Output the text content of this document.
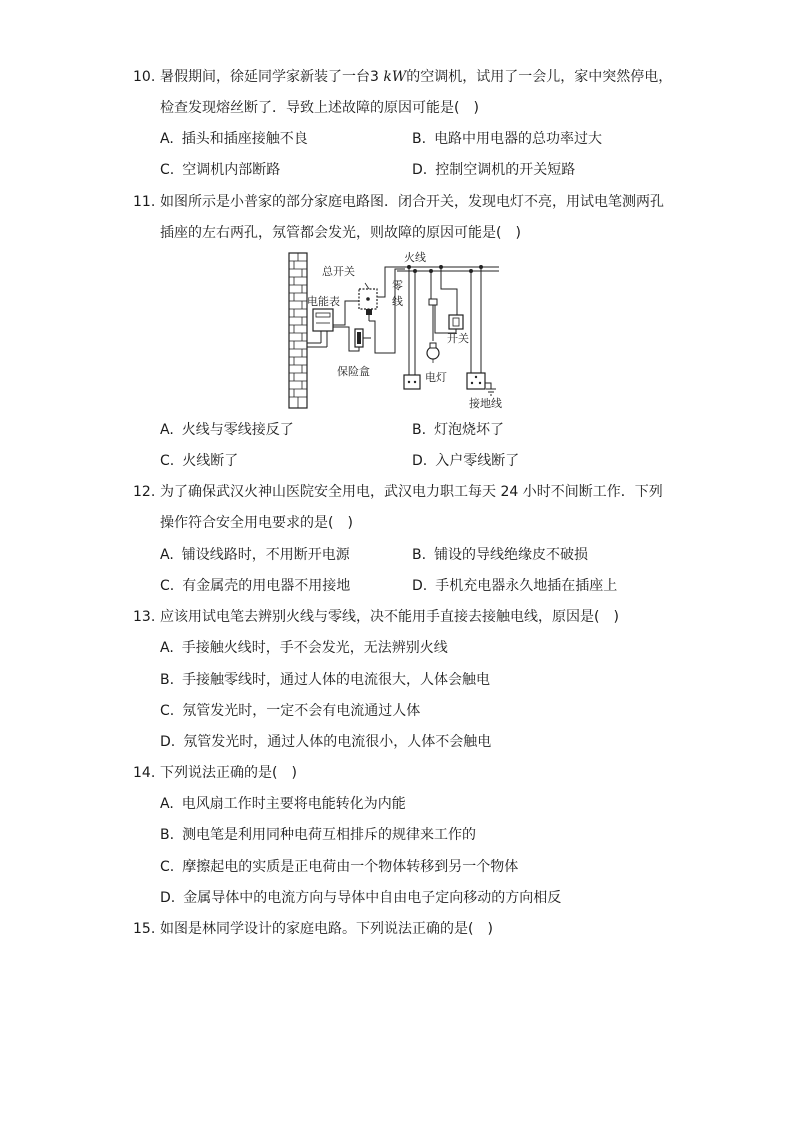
10. 暑假期间，徐延同学家新装了一台3 kW的空调机，试用了一会儿，家中突然停电，
检查发现熔丝断了．导致上述故障的原因可能是(　)
A. 插头和插座接触不良	B. 电路中用电器的总功率过大
C. 空调机内部断路	D. 控制空调机的开关短路
11. 如图所示是小普家的部分家庭电路图．闭合开关，发现电灯不亮，用试电笔测两孔
插座的左右两孔，氖管都会发光，则故障的原因可能是(　)
电能表
总开关
保险盒
火线
零
线
开关
电灯
接地线
A. 火线与零线接反了	B. 灯泡烧坏了
C. 火线断了	D. 入户零线断了
12. 为了确保武汉火神山医院安全用电，武汉电力职工每天 24 小时不间断工作．下列
操作符合安全用电要求的是(　)
A. 铺设线路时，不用断开电源	B. 铺设的导线绝缘皮不破损
C. 有金属壳的用电器不用接地	D. 手机充电器永久地插在插座上
13. 应该用试电笔去辨别火线与零线，决不能用手直接去接触电线，原因是(　)
A. 手接触火线时，手不会发光，无法辨别火线
B. 手接触零线时，通过人体的电流很大，人体会触电
C. 氖管发光时，一定不会有电流通过人体
D. 氖管发光时，通过人体的电流很小，人体不会触电
14. 下列说法正确的是(　)
A. 电风扇工作时主要将电能转化为内能
B. 测电笔是利用同种电荷互相排斥的规律来工作的
C. 摩擦起电的实质是正电荷由一个物体转移到另一个物体
D. 金属导体中的电流方向与导体中自由电子定向移动的方向相反
15. 如图是林同学设计的家庭电路。下列说法正确的是(　)
